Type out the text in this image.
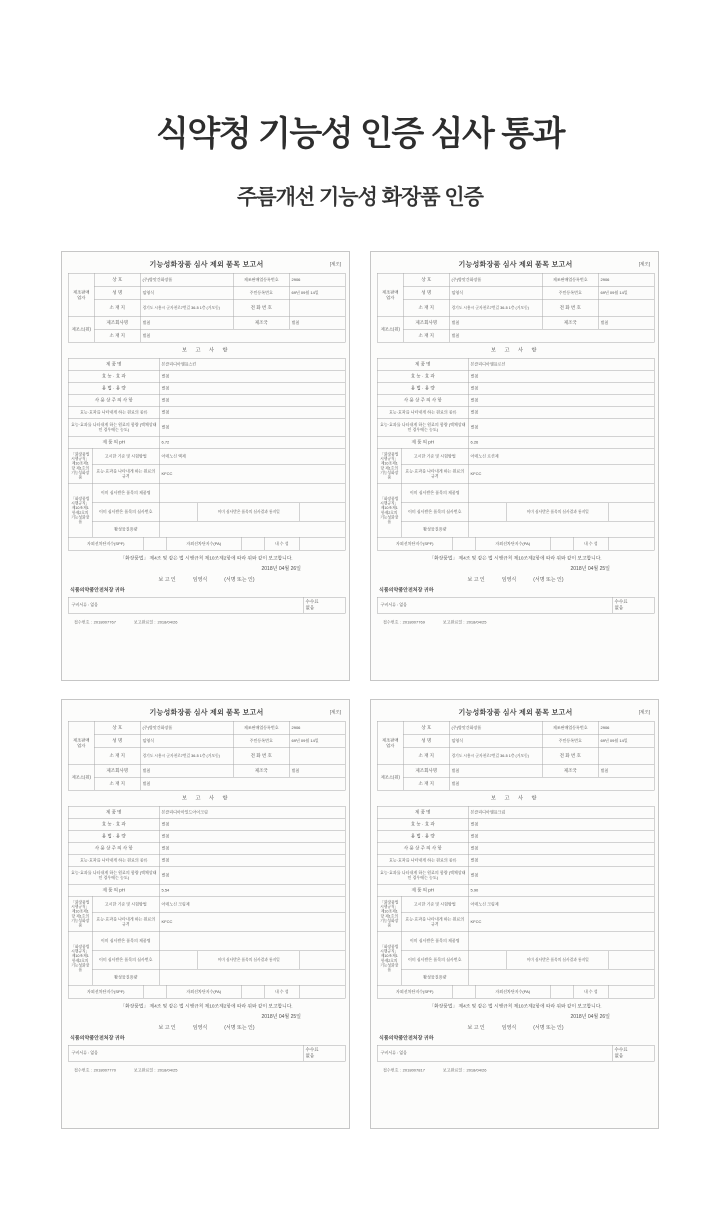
식약청 기능성 인증 심사 통과
주름개선 기능성 화장품 인증
기능성화장품 심사 제외 품목 보고서	[제조]
제조판매 업자	상 호	(주)방앗간화장품	제조판매업등록번호	2906
	성 명	임영식	주민등록번호	69년 09월 14일
	소 재 지	경기도 시흥시 군자천로7번길 36-5 1층 (거모동)	전 화 번 호	
제조소(원)	제조회사명	별첨	제조국	별첨
	소 재 지	별첨		
보 고 사 항
제 품 명		본클리디아앰플스킨
효 능 · 효 과		별첨
용 법 · 용 량		별첨
사 용 상 주 의 사 항		별첨
효능·효과를 나타내게 하는 원료의 종류		별첨
효능·효과를 나타내게 하는 원료의 함량 (액체상태인 경우에는 농도)		별첨
제 품 의 pH		6.72
「화장품법 시행규칙」 제10조제1항 제1호의 기능성화장품	고시한 기준 및 시험방법	아데노신 액제
	효능·효과를 나타내게 하는 원료의 규격	KFCC
「화장품법시행규칙」 제10조제1항제2호의기능성화장품	이미 심사받은 품목의 제품명	
	이미 심사받은 품목의 심사번호	이미 심사받은 품목의 심사결과 통지일

	활성물질용량	
자외선차단지수(SPF)		자외선차단지수(PA)		내 수 성	
「화장품법」 제4조 및 같은 법 시행규칙 제10조제2항에 따라 위와 같이 보고합니다.
2018년 04월 26일
보 고 인 임영식 (서명 또는 인)
식품의약품안전처장 귀하
구비서류 : 없음	
수수료
없음
접수번호 : 2018007767 보고완료일 : 2018/04/26
기능성화장품 심사 제외 품목 보고서	[제조]
제조판매 업자	상 호	(주)방앗간화장품	제조판매업등록번호	2906
	성 명	임영식	주민등록번호	69년 09월 14일
	소 재 지	경기도 시흥시 군자천로7번길 36-5 1층 (거모동)	전 화 번 호	
제조소(원)	제조회사명	별첨	제조국	별첨
	소 재 지	별첨		
보 고 사 항
제 품 명		본클리디아앰플로션
효 능 · 효 과		별첨
용 법 · 용 량		별첨
사 용 상 주 의 사 항		별첨
효능·효과를 나타내게 하는 원료의 종류		별첨
효능·효과를 나타내게 하는 원료의 함량 (액체상태인 경우에는 농도)		별첨
제 품 의 pH		6.26
「화장품법 시행규칙」 제10조제1항 제1호의 기능성화장품	고시한 기준 및 시험방법	아데노신 로션제
	효능·효과를 나타내게 하는 원료의 규격	KFCC
「화장품법시행규칙」 제10조제1항제2호의기능성화장품	이미 심사받은 품목의 제품명	
	이미 심사받은 품목의 심사번호	이미 심사받은 품목의 심사결과 통지일

	활성물질용량	
자외선차단지수(SPF)		자외선차단지수(PA)		내 수 성	
「화장품법」 제4조 및 같은 법 시행규칙 제10조제2항에 따라 위와 같이 보고합니다.
2018년 04월 25일
보 고 인 임영식 (서명 또는 인)
식품의약품안전처장 귀하
구비서류 : 없음	
수수료
없음
접수번호 : 2018007769 보고완료일 : 2018/04/25
기능성화장품 심사 제외 품목 보고서	[제조]
제조판매 업자	상 호	(주)방앗간화장품	제조판매업등록번호	2906
	성 명	임영식	주민등록번호	69년 09월 14일
	소 재 지	경기도 시흥시 군자천로7번길 36-5 1층 (거모동)	전 화 번 호	
제조소(원)	제조회사명	별첨	제조국	별첨
	소 재 지	별첨		
보 고 사 항
제 품 명		본클리디아마일드아이크림
효 능 · 효 과		별첨
용 법 · 용 량		별첨
사 용 상 주 의 사 항		별첨
효능·효과를 나타내게 하는 원료의 종류		별첨
효능·효과를 나타내게 하는 원료의 함량 (액체상태인 경우에는 농도)		별첨
제 품 의 pH		5.54
「화장품법 시행규칙」 제10조제1항 제1호의 기능성화장품	고시한 기준 및 시험방법	아데노신 크림제
	효능·효과를 나타내게 하는 원료의 규격	KFCC
「화장품법시행규칙」 제10조제1항제2호의기능성화장품	이미 심사받은 품목의 제품명	
	이미 심사받은 품목의 심사번호	이미 심사받은 품목의 심사결과 통지일

	활성물질용량	
자외선차단지수(SPF)		자외선차단지수(PA)		내 수 성	
「화장품법」 제4조 및 같은 법 시행규칙 제10조제2항에 따라 위와 같이 보고합니다.
2018년 04월 25일
보 고 인 임영식 (서명 또는 인)
식품의약품안전처장 귀하
구비서류 : 없음	
수수료
없음
접수번호 : 2018007770 보고완료일 : 2018/04/25
기능성화장품 심사 제외 품목 보고서	[제조]
제조판매 업자	상 호	(주)방앗간화장품	제조판매업등록번호	2906
	성 명	임영식	주민등록번호	69년 09월 14일
	소 재 지	경기도 시흥시 군자천로7번길 36-5 1층 (거모동)	전 화 번 호	
제조소(원)	제조회사명	별첨	제조국	별첨
	소 재 지	별첨		
보 고 사 항
제 품 명		본클리디아앰플크림
효 능 · 효 과		별첨
용 법 · 용 량		별첨
사 용 상 주 의 사 항		별첨
효능·효과를 나타내게 하는 원료의 종류		별첨
효능·효과를 나타내게 하는 원료의 함량 (액체상태인 경우에는 농도)		별첨
제 품 의 pH		5.90
「화장품법 시행규칙」 제10조제1항 제1호의 기능성화장품	고시한 기준 및 시험방법	아데노신 크림제
	효능·효과를 나타내게 하는 원료의 규격	KFCC
「화장품법시행규칙」 제10조제1항제2호의기능성화장품	이미 심사받은 품목의 제품명	
	이미 심사받은 품목의 심사번호	이미 심사받은 품목의 심사결과 통지일

	활성물질용량	
자외선차단지수(SPF)		자외선차단지수(PA)		내 수 성	
「화장품법」 제4조 및 같은 법 시행규칙 제10조제2항에 따라 위와 같이 보고합니다.
2018년 04월 26일
보 고 인 임영식 (서명 또는 인)
식품의약품안전처장 귀하
구비서류 : 없음	
수수료
없음
접수번호 : 2018007817 보고완료일 : 2018/04/26
